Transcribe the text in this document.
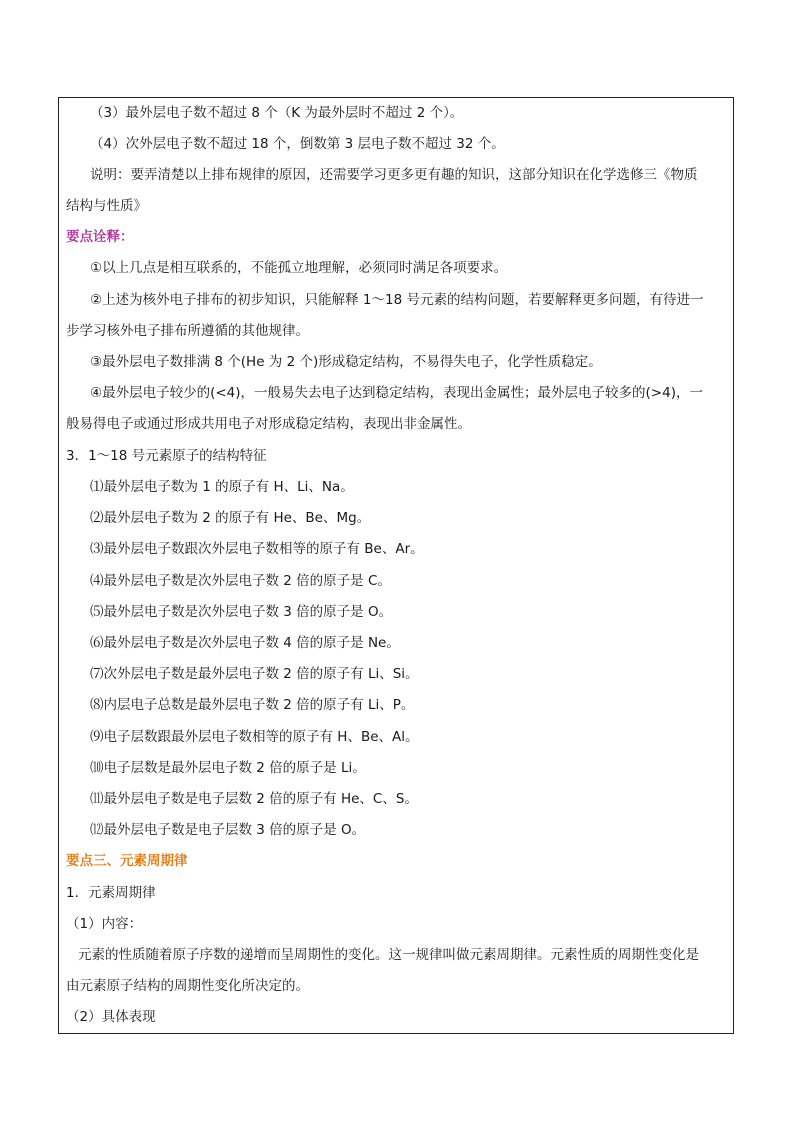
（3）最外层电子数不超过 8 个（K 为最外层时不超过 2 个）。
（4）次外层电子数不超过 18 个，倒数第 3 层电子数不超过 32 个。
说明：要弄清楚以上排布规律的原因，还需要学习更多更有趣的知识，这部分知识在化学选修三《物质
结构与性质》
要点诠释：
①以上几点是相互联系的，不能孤立地理解，必须同时满足各项要求。
②上述为核外电子排布的初步知识，只能解释 1～18 号元素的结构问题，若要解释更多问题，有待进一
步学习核外电子排布所遵循的其他规律。
③最外层电子数排满 8 个(He 为 2 个)形成稳定结构，不易得失电子，化学性质稳定。
④最外层电子较少的(<4)，一般易失去电子达到稳定结构，表现出金属性；最外层电子较多的(>4)，一
般易得电子或通过形成共用电子对形成稳定结构，表现出非金属性。
3．1～18 号元素原子的结构特征
⑴最外层电子数为 1 的原子有 H、Li、Na。
⑵最外层电子数为 2 的原子有 He、Be、Mg。
⑶最外层电子数跟次外层电子数相等的原子有 Be、Ar。
⑷最外层电子数是次外层电子数 2 倍的原子是 C。
⑸最外层电子数是次外层电子数 3 倍的原子是 O。
⑹最外层电子数是次外层电子数 4 倍的原子是 Ne。
⑺次外层电子数是最外层电子数 2 倍的原子有 Li、Si。
⑻内层电子总数是最外层电子数 2 倍的原子有 Li、P。
⑼电子层数跟最外层电子数相等的原子有 H、Be、Al。
⑽电子层数是最外层电子数 2 倍的原子是 Li。
⑾最外层电子数是电子层数 2 倍的原子有 He、C、S。
⑿最外层电子数是电子层数 3 倍的原子是 O。
要点三、元素周期律
1．元素周期律
（1）内容：
元素的性质随着原子序数的递增而呈周期性的变化。这一规律叫做元素周期律。元素性质的周期性变化是
由元素原子结构的周期性变化所决定的。
（2）具体表现
